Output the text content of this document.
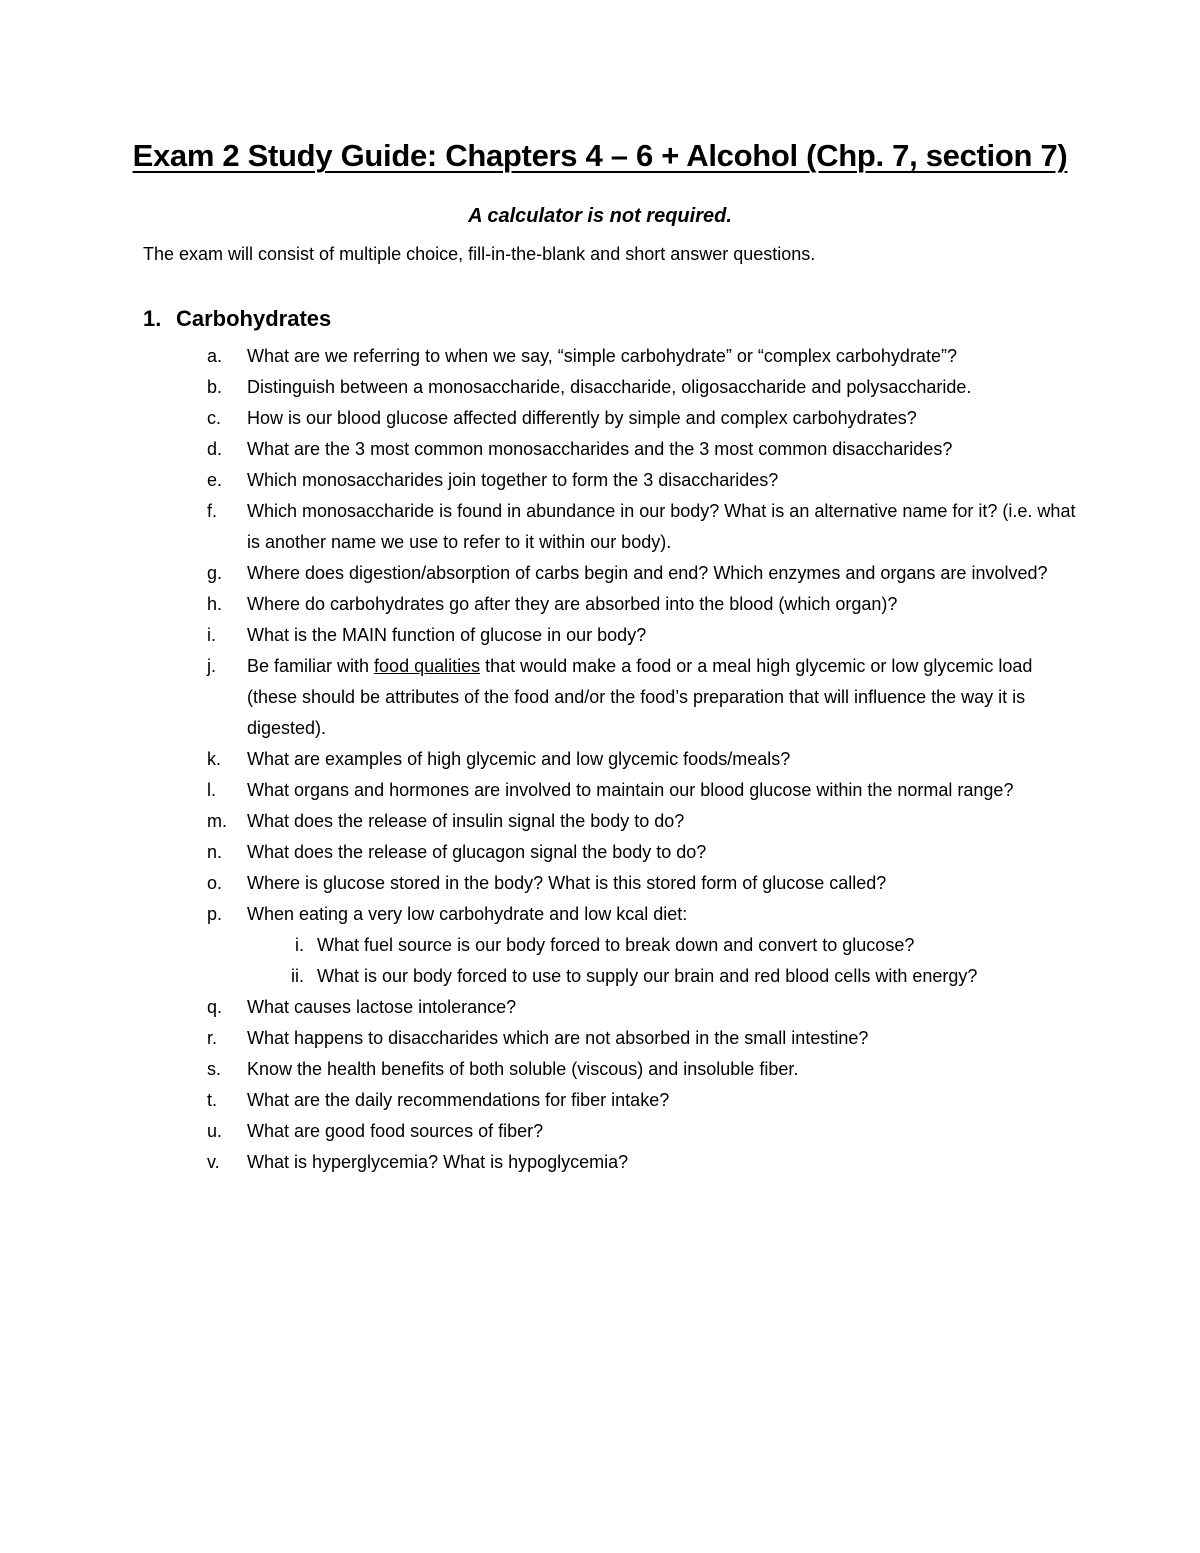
Exam 2 Study Guide: Chapters 4 – 6 + Alcohol (Chp. 7, section 7)
A calculator is not required.
The exam will consist of multiple choice, fill-in-the-blank and short answer questions.
1. Carbohydrates
a. What are we referring to when we say, “simple carbohydrate” or “complex carbohydrate”?
b. Distinguish between a monosaccharide, disaccharide, oligosaccharide and polysaccharide.
c. How is our blood glucose affected differently by simple and complex carbohydrates?
d. What are the 3 most common monosaccharides and the 3 most common disaccharides?
e. Which monosaccharides join together to form the 3 disaccharides?
f. Which monosaccharide is found in abundance in our body? What is an alternative name for it? (i.e. what is another name we use to refer to it within our body).
g. Where does digestion/absorption of carbs begin and end? Which enzymes and organs are involved?
h. Where do carbohydrates go after they are absorbed into the blood (which organ)?
i. What is the MAIN function of glucose in our body?
j. Be familiar with food qualities that would make a food or a meal high glycemic or low glycemic load (these should be attributes of the food and/or the food’s preparation that will influence the way it is digested).
k. What are examples of high glycemic and low glycemic foods/meals?
l. What organs and hormones are involved to maintain our blood glucose within the normal range?
m. What does the release of insulin signal the body to do?
n. What does the release of glucagon signal the body to do?
o. Where is glucose stored in the body? What is this stored form of glucose called?
p. When eating a very low carbohydrate and low kcal diet:
i. What fuel source is our body forced to break down and convert to glucose?
ii. What is our body forced to use to supply our brain and red blood cells with energy?
q. What causes lactose intolerance?
r. What happens to disaccharides which are not absorbed in the small intestine?
s. Know the health benefits of both soluble (viscous) and insoluble fiber.
t. What are the daily recommendations for fiber intake?
u. What are good food sources of fiber?
v. What is hyperglycemia? What is hypoglycemia?
